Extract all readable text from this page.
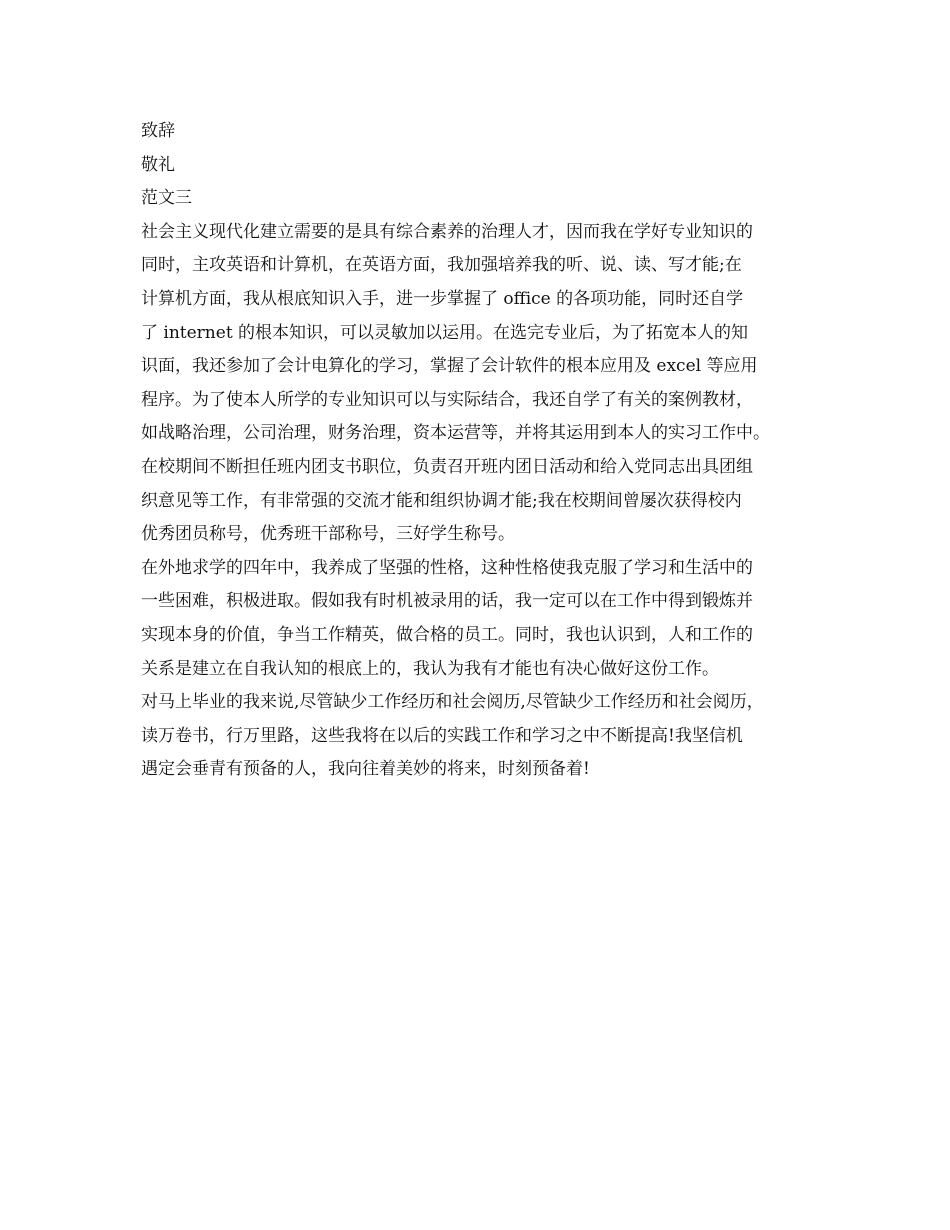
致辞
敬礼
范文三
社会主义现代化建立需要的是具有综合素养的治理人才，因而我在学好专业知识的
同时，主攻英语和计算机，在英语方面，我加强培养我的听、说、读、写才能;在
计算机方面，我从根底知识入手，进一步掌握了 office 的各项功能，同时还自学
了 internet 的根本知识，可以灵敏加以运用。在选完专业后，为了拓宽本人的知
识面，我还参加了会计电算化的学习，掌握了会计软件的根本应用及 excel 等应用
程序。为了使本人所学的专业知识可以与实际结合，我还自学了有关的案例教材，
如战略治理，公司治理，财务治理，资本运营等，并将其运用到本人的实习工作中。
在校期间不断担任班内团支书职位，负责召开班内团日活动和给入党同志出具团组
织意见等工作，有非常强的交流才能和组织协调才能;我在校期间曾屡次获得校内
优秀团员称号，优秀班干部称号，三好学生称号。
在外地求学的四年中，我养成了坚强的性格，这种性格使我克服了学习和生活中的
一些困难，积极进取。假如我有时机被录用的话，我一定可以在工作中得到锻炼并
实现本身的价值，争当工作精英，做合格的员工。同时，我也认识到，人和工作的
关系是建立在自我认知的根底上的，我认为我有才能也有决心做好这份工作。
对马上毕业的我来说,尽管缺少工作经历和社会阅历,尽管缺少工作经历和社会阅历，
读万卷书，行万里路，这些我将在以后的实践工作和学习之中不断提高!我坚信机
遇定会垂青有预备的人，我向往着美妙的将来，时刻预备着!
